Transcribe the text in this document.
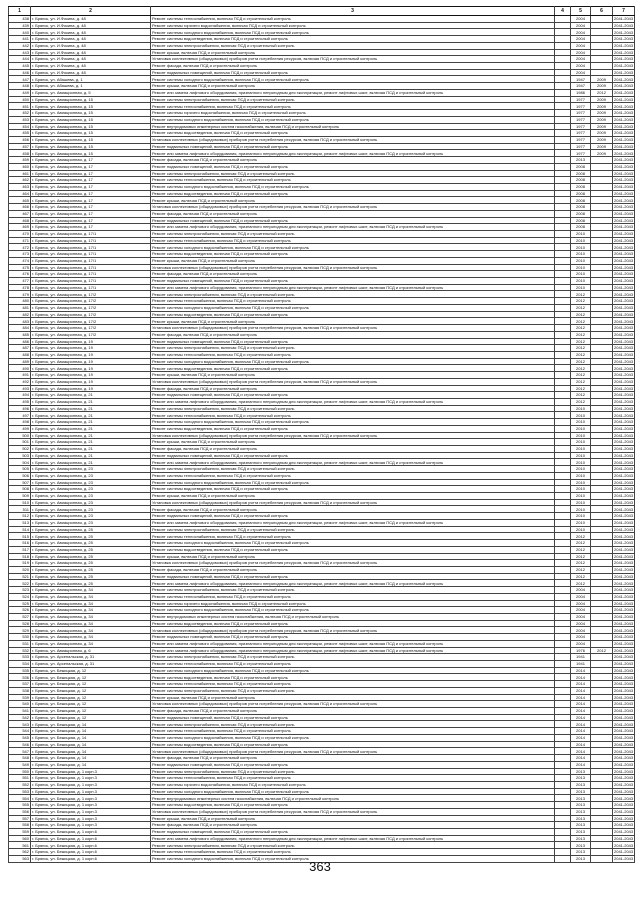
1	2	3	4	5	6	7
438	г. Брянск, ул. И.Фокина, д. 48	Ремонт системы теплоснабжения, включая ПСД и строительный контроль		2004		2041-2043
439	г. Брянск, ул. И.Фокина, д. 48	Ремонт системы горячего водоснабжения, включая ПСД и строительный контроль		2004		2041-2043
440	г. Брянск, ул. И.Фокина, д. 48	Ремонт системы холодного водоснабжения, включая ПСД и строительный контроль		2004		2041-2043
441	г. Брянск, ул. И.Фокина, д. 48	Ремонт системы водоотведения, включая ПСД и строительный контроль		2004		2041-2043
442	г. Брянск, ул. И.Фокина, д. 48	Ремонт системы электроснабжения, включая ПСД и строительный контроль		2004		2041-2043
443	г. Брянск, ул. И.Фокина, д. 48	Ремонт крыши, включая ПСД и строительный контроль		2004		2041-2043
444	г. Брянск, ул. И.Фокина, д. 48	Установка коллективных (общедомовых) приборов учета потребления ресурсов, включая ПСД и строительный контроль		2004		2041-2043
445	г. Брянск, ул. И.Фокина, д. 48	Ремонт фасада, включая ПСД и строительный контроль		2004		2041-2043
446	г. Брянск, ул. И.Фокина, д. 48	Ремонт подвальных помещений, включая ПСД и строительный контроль		2004		2041-2043
447	г. Брянск, ул. Абашева, д. 1	Ремонт системы холодного водоснабжения, включая ПСД и строительный контроль		1947	2009	2041-2043
448	г. Брянск, ул. Абашева, д. 1	Ремонт крыши, включая ПСД и строительный контроль		1947	2009	2041-2043
449	г. Брянск, ул. Авиационная, д. 5	Ремонт или замена лифтового оборудования, признанного непригодным для эксплуатации, ремонт лифтовых шахт, включая ПСД и строительный контроль		1986	2012	2041-2043
450	г. Брянск, ул. Авиационная, д. 15	Ремонт системы электроснабжения, включая ПСД и строительный контроль		1977	2009	2041-2043
451	г. Брянск, ул. Авиационная, д. 15	Ремонт системы теплоснабжения, включая ПСД и строительный контроль		1977	2009	2041-2043
452	г. Брянск, ул. Авиационная, д. 15	Ремонт системы горячего водоснабжения, включая ПСД и строительный контроль		1977	2009	2041-2043
453	г. Брянск, ул. Авиационная, д. 15	Ремонт системы холодного водоснабжения, включая ПСД и строительный контроль		1977	2009	2041-2043
454	г. Брянск, ул. Авиационная, д. 15	Ремонт внутридомовых инженерных систем газоснабжения, включая ПСД и строительный контроль		1977	2009	2041-2043
455	г. Брянск, ул. Авиационная, д. 15	Ремонт системы водоотведения, включая ПСД и строительный контроль		1977	2009	2041-2043
456	г. Брянск, ул. Авиационная, д. 15	Установка коллективных (общедомовых) приборов учета потребления ресурсов, включая ПСД и строительный контроль		1977	2009	2041-2043
457	г. Брянск, ул. Авиационная, д. 15	Ремонт подвальных помещений, включая ПСД и строительный контроль		1977	2009	2041-2043
458	г. Брянск, ул. Авиационная, д. 15	Ремонт или замена лифтового оборудования, признанного непригодным для эксплуатации, ремонт лифтовых шахт, включая ПСД и строительный контроль		1977	2009	2041-2043
459	г. Брянск, ул. Авиационная, д. 17	Ремонт фасада, включая ПСД и строительный контроль		2013		2041-2043
460	г. Брянск, ул. Авиационная, д. 17	Ремонт подвальных помещений, включая ПСД и строительный контроль		2008		2041-2043
461	г. Брянск, ул. Авиационная, д. 17	Ремонт системы электроснабжения, включая ПСД и строительный контроль		2008		2041-2043
462	г. Брянск, ул. Авиационная, д. 17	Ремонт системы теплоснабжения, включая ПСД и строительный контроль		2008		2041-2043
463	г. Брянск, ул. Авиационная, д. 17	Ремонт системы холодного водоснабжения, включая ПСД и строительный контроль		2008		2041-2043
464	г. Брянск, ул. Авиационная, д. 17	Ремонт системы водоотведения, включая ПСД и строительный контроль		2008		2041-2043
465	г. Брянск, ул. Авиационная, д. 17	Ремонт крыши, включая ПСД и строительный контроль		2008		2041-2043
466	г. Брянск, ул. Авиационная, д. 17	Установка коллективных (общедомовых) приборов учета потребления ресурсов, включая ПСД и строительный контроль		2008		2041-2043
467	г. Брянск, ул. Авиационная, д. 17	Ремонт фасада, включая ПСД и строительный контроль		2008		2041-2043
468	г. Брянск, ул. Авиационная, д. 17	Ремонт подвальных помещений, включая ПСД и строительный контроль		2008		2041-2043
469	г. Брянск, ул. Авиационная, д. 17	Ремонт или замена лифтового оборудования, признанного непригодным для эксплуатации, ремонт лифтовых шахт, включая ПСД и строительный контроль		2008		2041-2043
470	г. Брянск, ул. Авиационная, д. 17/1	Ремонт системы электроснабжения, включая ПСД и строительный контроль		2010		2041-2043
471	г. Брянск, ул. Авиационная, д. 17/1	Ремонт системы теплоснабжения, включая ПСД и строительный контроль		2010		2041-2043
472	г. Брянск, ул. Авиационная, д. 17/1	Ремонт системы холодного водоснабжения, включая ПСД и строительный контроль		2010		2041-2043
473	г. Брянск, ул. Авиационная, д. 17/1	Ремонт системы водоотведения, включая ПСД и строительный контроль		2010		2041-2043
474	г. Брянск, ул. Авиационная, д. 17/1	Ремонт крыши, включая ПСД и строительный контроль		2010		2041-2043
475	г. Брянск, ул. Авиационная, д. 17/1	Установка коллективных (общедомовых) приборов учета потребления ресурсов, включая ПСД и строительный контроль		2010		2041-2043
476	г. Брянск, ул. Авиационная, д. 17/1	Ремонт фасада, включая ПСД и строительный контроль		2010		2041-2043
477	г. Брянск, ул. Авиационная, д. 17/1	Ремонт подвальных помещений, включая ПСД и строительный контроль		2010		2041-2043
478	г. Брянск, ул. Авиационная, д. 17/1	Ремонт или замена лифтового оборудования, признанного непригодным для эксплуатации, ремонт лифтовых шахт, включая ПСД и строительный контроль		2010		2041-2043
479	г. Брянск, ул. Авиационная, д. 17/2	Ремонт системы электроснабжения, включая ПСД и строительный контроль		2012		2041-2043
480	г. Брянск, ул. Авиационная, д. 17/2	Ремонт системы теплоснабжения, включая ПСД и строительный контроль		2012		2041-2043
481	г. Брянск, ул. Авиационная, д. 17/2	Ремонт системы холодного водоснабжения, включая ПСД и строительный контроль		2012		2041-2043
482	г. Брянск, ул. Авиационная, д. 17/2	Ремонт системы водоотведения, включая ПСД и строительный контроль		2012		2041-2043
483	г. Брянск, ул. Авиационная, д. 17/2	Ремонт крыши, включая ПСД и строительный контроль		2012		2041-2043
484	г. Брянск, ул. Авиационная, д. 17/2	Установка коллективных (общедомовых) приборов учета потребления ресурсов, включая ПСД и строительный контроль		2012		2041-2043
485	г. Брянск, ул. Авиационная, д. 17/2	Ремонт фасада, включая ПСД и строительный контроль		2012		2041-2043
486	г. Брянск, ул. Авиационная, д. 19	Ремонт подвальных помещений, включая ПСД и строительный контроль		2012		2041-2043
487	г. Брянск, ул. Авиационная, д. 19	Ремонт системы электроснабжения, включая ПСД и строительный контроль		2012		2041-2043
488	г. Брянск, ул. Авиационная, д. 19	Ремонт системы теплоснабжения, включая ПСД и строительный контроль		2012		2041-2043
489	г. Брянск, ул. Авиационная, д. 19	Ремонт системы холодного водоснабжения, включая ПСД и строительный контроль		2012		2041-2043
490	г. Брянск, ул. Авиационная, д. 19	Ремонт системы водоотведения, включая ПСД и строительный контроль		2012		2041-2043
491	г. Брянск, ул. Авиационная, д. 19	Ремонт крыши, включая ПСД и строительный контроль		2012		2041-2043
492	г. Брянск, ул. Авиационная, д. 19	Установка коллективных (общедомовых) приборов учета потребления ресурсов, включая ПСД и строительный контроль		2012		2041-2043
493	г. Брянск, ул. Авиационная, д. 19	Ремонт фасада, включая ПСД и строительный контроль		2012		2041-2043
494	г. Брянск, ул. Авиационная, д. 21	Ремонт подвальных помещений, включая ПСД и строительный контроль		2012		2041-2043
495	г. Брянск, ул. Авиационная, д. 21	Ремонт или замена лифтового оборудования, признанного непригодным для эксплуатации, ремонт лифтовых шахт, включая ПСД и строительный контроль		2012		2041-2043
496	г. Брянск, ул. Авиационная, д. 21	Ремонт системы электроснабжения, включая ПСД и строительный контроль		2010		2041-2043
497	г. Брянск, ул. Авиационная, д. 21	Ремонт системы теплоснабжения, включая ПСД и строительный контроль		2010		2041-2043
498	г. Брянск, ул. Авиационная, д. 21	Ремонт системы холодного водоснабжения, включая ПСД и строительный контроль		2010		2041-2043
499	г. Брянск, ул. Авиационная, д. 21	Ремонт системы водоотведения, включая ПСД и строительный контроль		2010		2041-2043
500	г. Брянск, ул. Авиационная, д. 21	Установка коллективных (общедомовых) приборов учета потребления ресурсов, включая ПСД и строительный контроль		2010		2041-2043
501	г. Брянск, ул. Авиационная, д. 21	Ремонт крыши, включая ПСД и строительный контроль		2010		2041-2043
502	г. Брянск, ул. Авиационная, д. 21	Ремонт фасада, включая ПСД и строительный контроль		2010		2041-2043
503	г. Брянск, ул. Авиационная, д. 21	Ремонт подвальных помещений, включая ПСД и строительный контроль		2010		2041-2043
504	г. Брянск, ул. Авиационная, д. 21	Ремонт или замена лифтового оборудования, признанного непригодным для эксплуатации, ремонт лифтовых шахт, включая ПСД и строительный контроль		2010		2041-2043
505	г. Брянск, ул. Авиационная, д. 23	Ремонт системы электроснабжения, включая ПСД и строительный контроль		2010		2041-2043
506	г. Брянск, ул. Авиационная, д. 23	Ремонт системы теплоснабжения, включая ПСД и строительный контроль		2010		2041-2043
507	г. Брянск, ул. Авиационная, д. 23	Ремонт системы холодного водоснабжения, включая ПСД и строительный контроль		2010		2041-2043
508	г. Брянск, ул. Авиационная, д. 23	Ремонт системы водоотведения, включая ПСД и строительный контроль		2010		2041-2043
509	г. Брянск, ул. Авиационная, д. 23	Ремонт крыши, включая ПСД и строительный контроль		2010		2041-2043
510	г. Брянск, ул. Авиационная, д. 23	Установка коллективных (общедомовых) приборов учета потребления ресурсов, включая ПСД и строительный контроль		2010		2041-2043
511	г. Брянск, ул. Авиационная, д. 23	Ремонт фасада, включая ПСД и строительный контроль		2010		2041-2043
512	г. Брянск, ул. Авиационная, д. 23	Ремонт подвальных помещений, включая ПСД и строительный контроль		2010		2041-2043
513	г. Брянск, ул. Авиационная, д. 23	Ремонт или замена лифтового оборудования, признанного непригодным для эксплуатации, ремонт лифтовых шахт, включая ПСД и строительный контроль		2010		2041-2043
514	г. Брянск, ул. Авиационная, д. 25	Ремонт системы электроснабжения, включая ПСД и строительный контроль		2010		2041-2043
515	г. Брянск, ул. Авиационная, д. 25	Ремонт системы теплоснабжения, включая ПСД и строительный контроль		2012		2041-2043
516	г. Брянск, ул. Авиационная, д. 25	Ремонт системы холодного водоснабжения, включая ПСД и строительный контроль		2012		2041-2043
517	г. Брянск, ул. Авиационная, д. 25	Ремонт системы водоотведения, включая ПСД и строительный контроль		2012		2041-2043
518	г. Брянск, ул. Авиационная, д. 25	Ремонт крыши, включая ПСД и строительный контроль		2012		2041-2043
519	г. Брянск, ул. Авиационная, д. 25	Установка коллективных (общедомовых) приборов учета потребления ресурсов, включая ПСД и строительный контроль		2012		2041-2043
520	г. Брянск, ул. Авиационная, д. 25	Ремонт фасада, включая ПСД и строительный контроль		2012		2041-2043
521	г. Брянск, ул. Авиационная, д. 25	Ремонт подвальных помещений, включая ПСД и строительный контроль		2012		2041-2043
522	г. Брянск, ул. Авиационная, д. 25	Ремонт или замена лифтового оборудования, признанного непригодным для эксплуатации, ремонт лифтовых шахт, включая ПСД и строительный контроль		2012		2041-2043
523	г. Брянск, ул. Авиационная, д. 34	Ремонт системы электроснабжения, включая ПСД и строительный контроль		2004		2041-2043
524	г. Брянск, ул. Авиационная, д. 34	Ремонт системы теплоснабжения, включая ПСД и строительный контроль		2004		2041-2043
525	г. Брянск, ул. Авиационная, д. 34	Ремонт системы горячего водоснабжения, включая ПСД и строительный контроль		2004		2041-2043
526	г. Брянск, ул. Авиационная, д. 34	Ремонт системы холодного водоснабжения, включая ПСД и строительный контроль		2004		2041-2043
527	г. Брянск, ул. Авиационная, д. 34	Ремонт внутридомовых инженерных систем газоснабжения, включая ПСД и строительный контроль		2004		2041-2043
528	г. Брянск, ул. Авиационная, д. 34	Ремонт системы водоотведения, включая ПСД и строительный контроль		2004		2041-2043
529	г. Брянск, ул. Авиационная, д. 34	Установка коллективных (общедомовых) приборов учета потребления ресурсов, включая ПСД и строительный контроль		2004		2041-2043
530	г. Брянск, ул. Авиационная, д. 34	Ремонт подвальных помещений, включая ПСД и строительный контроль		2004		2041-2043
531	г. Брянск, ул. Авиационная, д. 34	Ремонт или замена лифтового оборудования, признанного непригодным для эксплуатации, ремонт лифтовых шахт, включая ПСД и строительный контроль		2004		2041-2043
532	г. Брянск, ул. Авиационная, д. 6	Ремонт или замена лифтового оборудования, признанного непригодным для эксплуатации, ремонт лифтовых шахт, включая ПСД и строительный контроль		1976	2012	2041-2043
533	г. Брянск, ул. Арсенальская, д. 31	Ремонт системы электроснабжения, включая ПСД и строительный контроль		1941		2041-2043
534	г. Брянск, ул. Арсенальская, д. 31	Ремонт системы теплоснабжения, включая ПСД и строительный контроль		1941		2041-2043
535	г. Брянск, ул. Бежицкая, д. 12	Ремонт системы холодного водоснабжения, включая ПСД и строительный контроль		2014		2041-2043
536	г. Брянск, ул. Бежицкая, д. 12	Ремонт системы водоотведения, включая ПСД и строительный контроль		2014		2041-2043
537	г. Брянск, ул. Бежицкая, д. 12	Ремонт системы теплоснабжения, включая ПСД и строительный контроль		2014		2041-2043
538	г. Брянск, ул. Бежицкая, д. 12	Ремонт системы электроснабжения, включая ПСД и строительный контроль		2014		2041-2043
539	г. Брянск, ул. Бежицкая, д. 12	Ремонт крыши, включая ПСД и строительный контроль		2014		2041-2043
540	г. Брянск, ул. Бежицкая, д. 12	Установка коллективных (общедомовых) приборов учета потребления ресурсов, включая ПСД и строительный контроль		2014		2041-2043
541	г. Брянск, ул. Бежицкая, д. 12	Ремонт фасада, включая ПСД и строительный контроль		2014		2041-2043
542	г. Брянск, ул. Бежицкая, д. 12	Ремонт подвальных помещений, включая ПСД и строительный контроль		2014		2041-2043
543	г. Брянск, ул. Бежицкая, д. 14	Ремонт системы электроснабжения, включая ПСД и строительный контроль		2014		2041-2043
544	г. Брянск, ул. Бежицкая, д. 14	Ремонт системы теплоснабжения, включая ПСД и строительный контроль		2014		2041-2043
545	г. Брянск, ул. Бежицкая, д. 14	Ремонт системы холодного водоснабжения, включая ПСД и строительный контроль		2014		2041-2043
546	г. Брянск, ул. Бежицкая, д. 14	Ремонт системы водоотведения, включая ПСД и строительный контроль		2014		2041-2043
547	г. Брянск, ул. Бежицкая, д. 14	Установка коллективных (общедомовых) приборов учета потребления ресурсов, включая ПСД и строительный контроль		2014		2041-2043
548	г. Брянск, ул. Бежицкая, д. 14	Ремонт фасада, включая ПСД и строительный контроль		2014		2041-2043
549	г. Брянск, ул. Бежицкая, д. 14	Ремонт подвальных помещений, включая ПСД и строительный контроль		2014		2041-2043
550	г. Брянск, ул. Бежицкая, д. 1 корп.3	Ремонт системы электроснабжения, включая ПСД и строительный контроль		2013		2041-2043
551	г. Брянск, ул. Бежицкая, д. 1 корп.3	Ремонт системы теплоснабжения, включая ПСД и строительный контроль		2013		2041-2043
552	г. Брянск, ул. Бежицкая, д. 1 корп.3	Ремонт системы горячего водоснабжения, включая ПСД и строительный контроль		2013		2041-2043
553	г. Брянск, ул. Бежицкая, д. 1 корп.3	Ремонт системы холодного водоснабжения, включая ПСД и строительный контроль		2013		2041-2043
554	г. Брянск, ул. Бежицкая, д. 1 корп.3	Ремонт внутридомовых инженерных систем газоснабжения, включая ПСД и строительный контроль		2013		2041-2043
555	г. Брянск, ул. Бежицкая, д. 1 корп.3	Ремонт системы водоотведения, включая ПСД и строительный контроль		2013		2041-2043
556	г. Брянск, ул. Бежицкая, д. 1 корп.3	Установка коллективных (общедомовых) приборов учета потребления ресурсов, включая ПСД и строительный контроль		2013		2041-2043
557	г. Брянск, ул. Бежицкая, д. 1 корп.3	Ремонт крыши, включая ПСД и строительный контроль		2013		2041-2043
558	г. Брянск, ул. Бежицкая, д. 1 корп.3	Ремонт фасада, включая ПСД и строительный контроль		2013		2041-2043
559	г. Брянск, ул. Бежицкая, д. 1 корп.6	Ремонт подвальных помещений, включая ПСД и строительный контроль		2013		2041-2043
560	г. Брянск, ул. Бежицкая, д. 1 корп.6	Ремонт или замена лифтового оборудования, признанного непригодным для эксплуатации, ремонт лифтовых шахт, включая ПСД и строительный контроль		2013		2041-2043
561	г. Брянск, ул. Бежицкая, д. 1 корп.6	Ремонт системы электроснабжения, включая ПСД и строительный контроль		2013		2041-2043
562	г. Брянск, ул. Бежицкая, д. 1 корп.6	Ремонт системы теплоснабжения, включая ПСД и строительный контроль		2013		2041-2043
563	г. Брянск, ул. Бежицкая, д. 1 корп.6	Ремонт системы холодного водоснабжения, включая ПСД и строительный контроль		2013		2041-2043
363
